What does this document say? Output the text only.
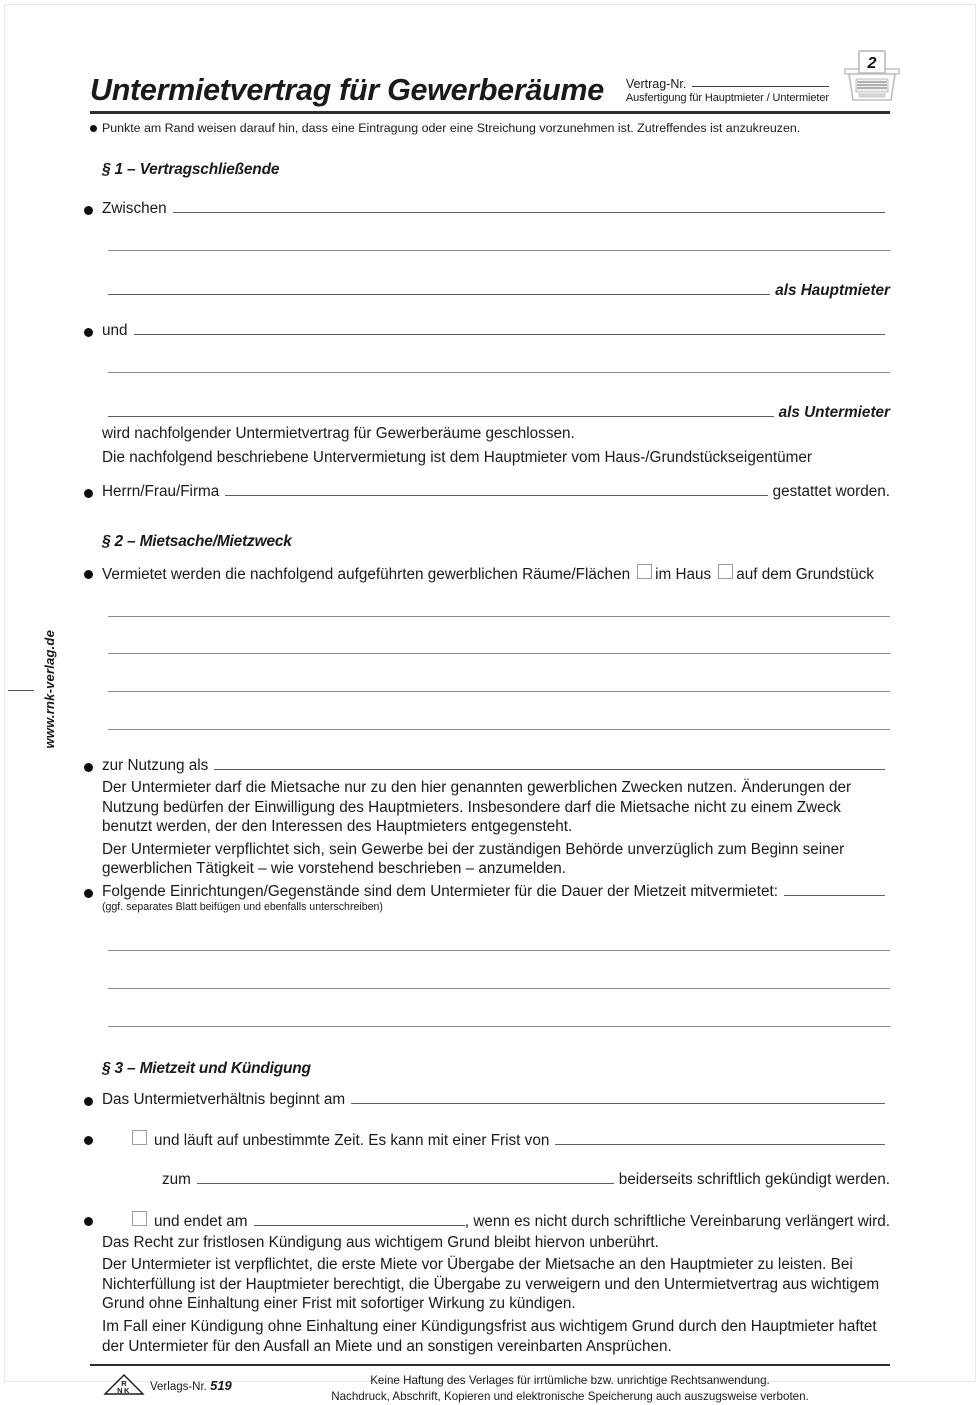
www.rnk-verlag.de
Untermietvertrag für Gewerberäume Vertrag-Nr.
Ausfertigung für Hauptmieter / Untermieter
2
Punkte am Rand weisen darauf hin, dass eine Eintragung oder eine Streichung vorzunehmen ist. Zutreffendes ist anzukreuzen.
§ 1 – Vertragschließende
Zwischen
als Hauptmieter
und
als Untermieter
wird nachfolgender Untermietvertrag für Gewerberäume geschlossen.
Die nachfolgend beschriebene Untervermietung ist dem Hauptmieter vom Haus-/Grundstückseigentümer
Herrn/Frau/Firma	gestattet worden.
§ 2 – Mietsache/Mietzweck
Vermietet werden die nachfolgend aufgeführten gewerblichen Räume/Flächen im Haus auf dem Grundstück
zur Nutzung als
Der Untermieter darf die Mietsache nur zu den hier genannten gewerblichen Zwecken nutzen. Änderungen der Nutzung bedürfen der Einwilligung des Hauptmieters. Insbesondere darf die Mietsache nicht zu einem Zweck benutzt werden, der den Interessen des Hauptmieters entgegensteht.
Der Untermieter verpflichtet sich, sein Gewerbe bei der zuständigen Behörde unverzüglich zum Beginn seiner gewerblichen Tätigkeit – wie vorstehend beschrieben – anzumelden.
Folgende Einrichtungen/Gegenstände sind dem Untermieter für die Dauer der Mietzeit mitvermietet:
(ggf. separates Blatt beifügen und ebenfalls unterschreiben)
§ 3 – Mietzeit und Kündigung
Das Untermietverhältnis beginnt am
und läuft auf unbestimmte Zeit. Es kann mit einer Frist von
zum	beiderseits schriftlich gekündigt werden.
und endet am	, wenn es nicht durch schriftliche Vereinbarung verlängert wird.
Das Recht zur fristlosen Kündigung aus wichtigem Grund bleibt hiervon unberührt.
Der Untermieter ist verpflichtet, die erste Miete vor Übergabe der Mietsache an den Hauptmieter zu leisten. Bei Nichterfüllung ist der Hauptmieter berechtigt, die Übergabe zu verweigern und den Untermietvertrag aus wichtigem Grund ohne Einhaltung einer Frist mit sofortiger Wirkung zu kündigen.
Im Fall einer Kündigung ohne Einhaltung einer Kündigungsfrist aus wichtigem Grund durch den Hauptmieter haftet der Untermieter für den Ausfall an Miete und an sonstigen vereinbarten Ansprüchen.
R
NK Verlags-Nr. 519	Keine Haftung des Verlages für irrtümliche bzw. unrichtige Rechtsanwendung.
Nachdruck, Abschrift, Kopieren und elektronische Speicherung auch auszugsweise verboten.
